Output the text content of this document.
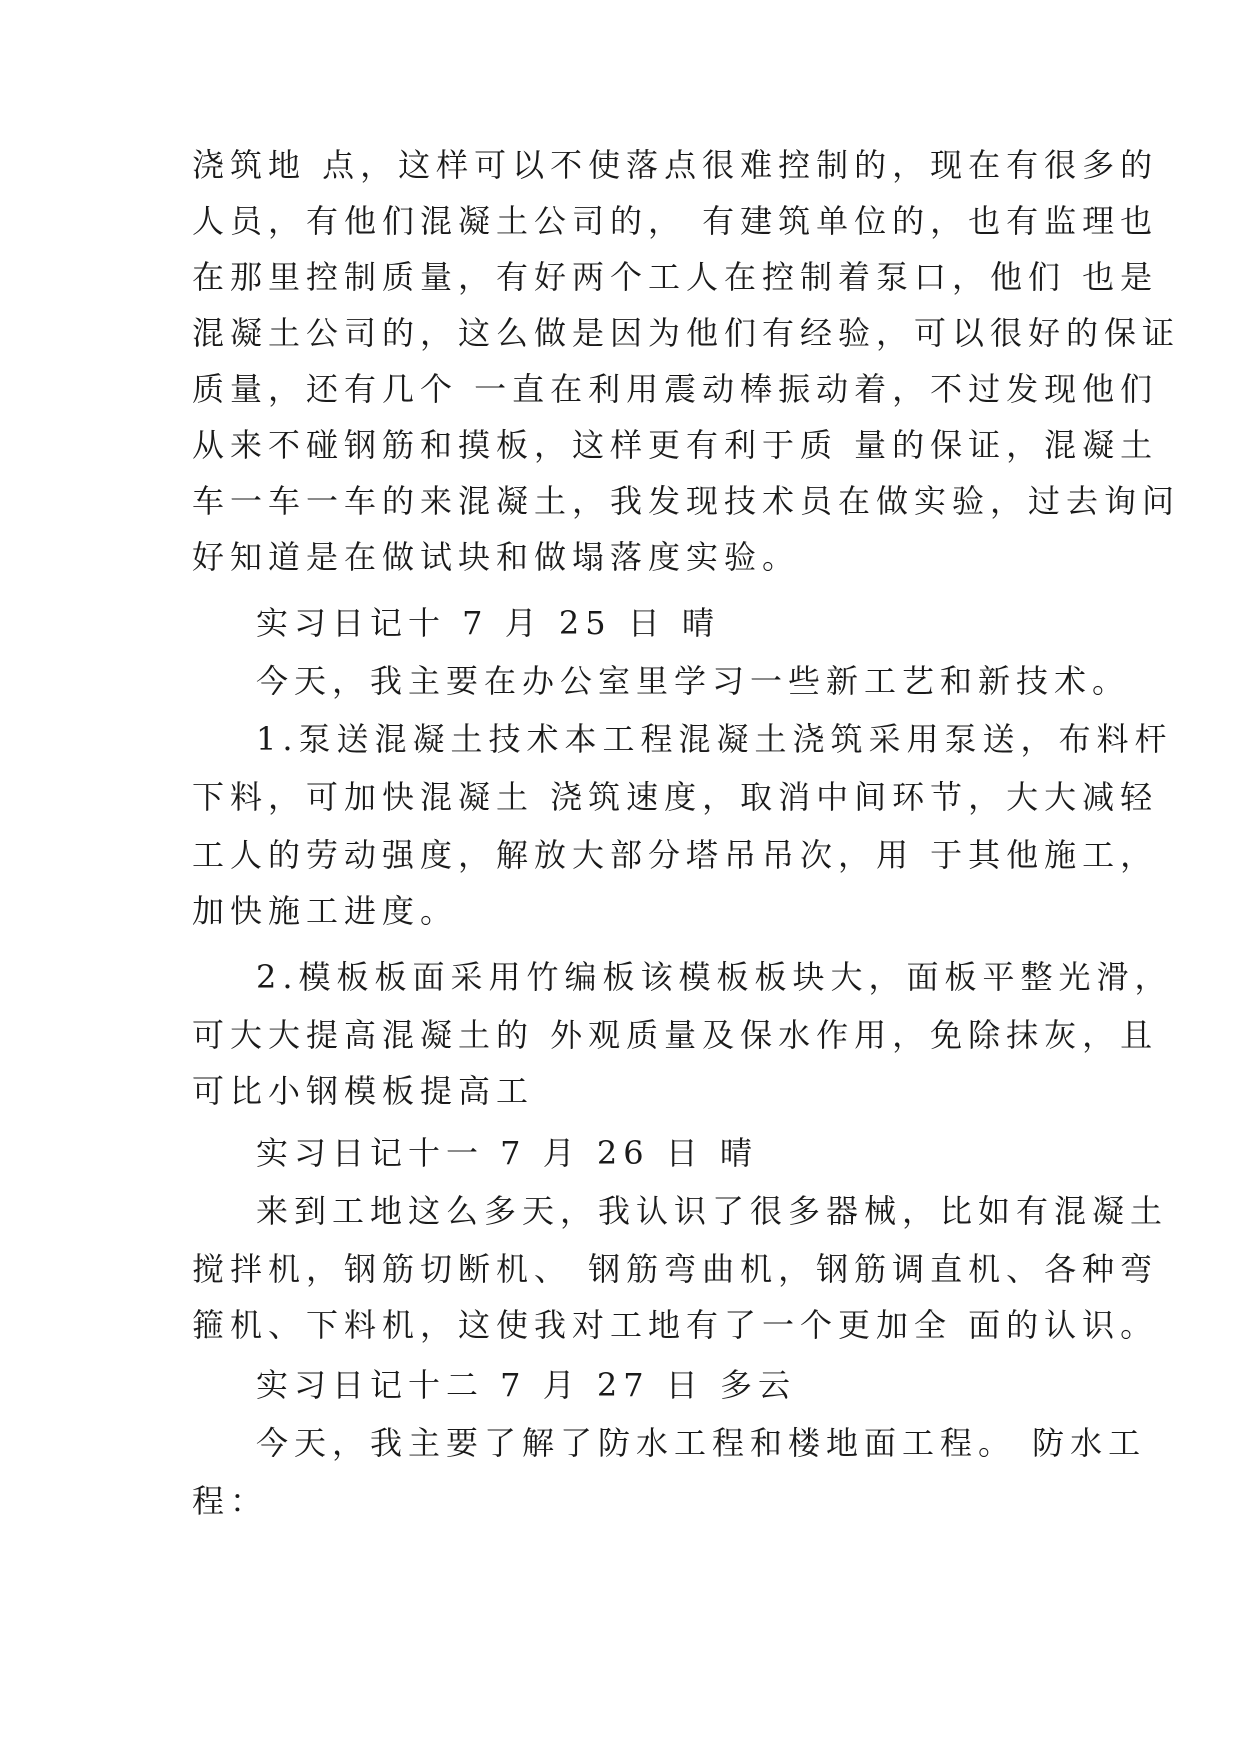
浇筑地 点，这样可以不使落点很难控制的，现在有很多的

人员，有他们混凝土公司的， 有建筑单位的，也有监理也

在那里控制质量，有好两个工人在控制着泵口，他们 也是

混凝土公司的，这么做是因为他们有经验，可以很好的保证

质量，还有几个 一直在利用震动棒振动着，不过发现他们

从来不碰钢筋和摸板，这样更有利于质 量的保证，混凝土

车一车一车的来混凝土，我发现技术员在做实验，过去询问

好知道是在做试块和做塌落度实验。

实习日记十 7 月 25 日 晴

今天，我主要在办公室里学习一些新工艺和新技术。

1.泵送混凝土技术本工程混凝土浇筑采用泵送，布料杆

下料，可加快混凝土 浇筑速度，取消中间环节，大大减轻

工人的劳动强度，解放大部分塔吊吊次，用 于其他施工，

加快施工进度。

2.模板板面采用竹编板该模板板块大，面板平整光滑，

可大大提高混凝土的 外观质量及保水作用，免除抹灰，且

可比小钢模板提高工

实习日记十一 7 月 26 日 晴

来到工地这么多天，我认识了很多器械，比如有混凝土

搅拌机，钢筋切断机、 钢筋弯曲机，钢筋调直机、各种弯

箍机、下料机，这使我对工地有了一个更加全 面的认识。

实习日记十二 7 月 27 日 多云

今天，我主要了解了防水工程和楼地面工程。 防水工

程：
